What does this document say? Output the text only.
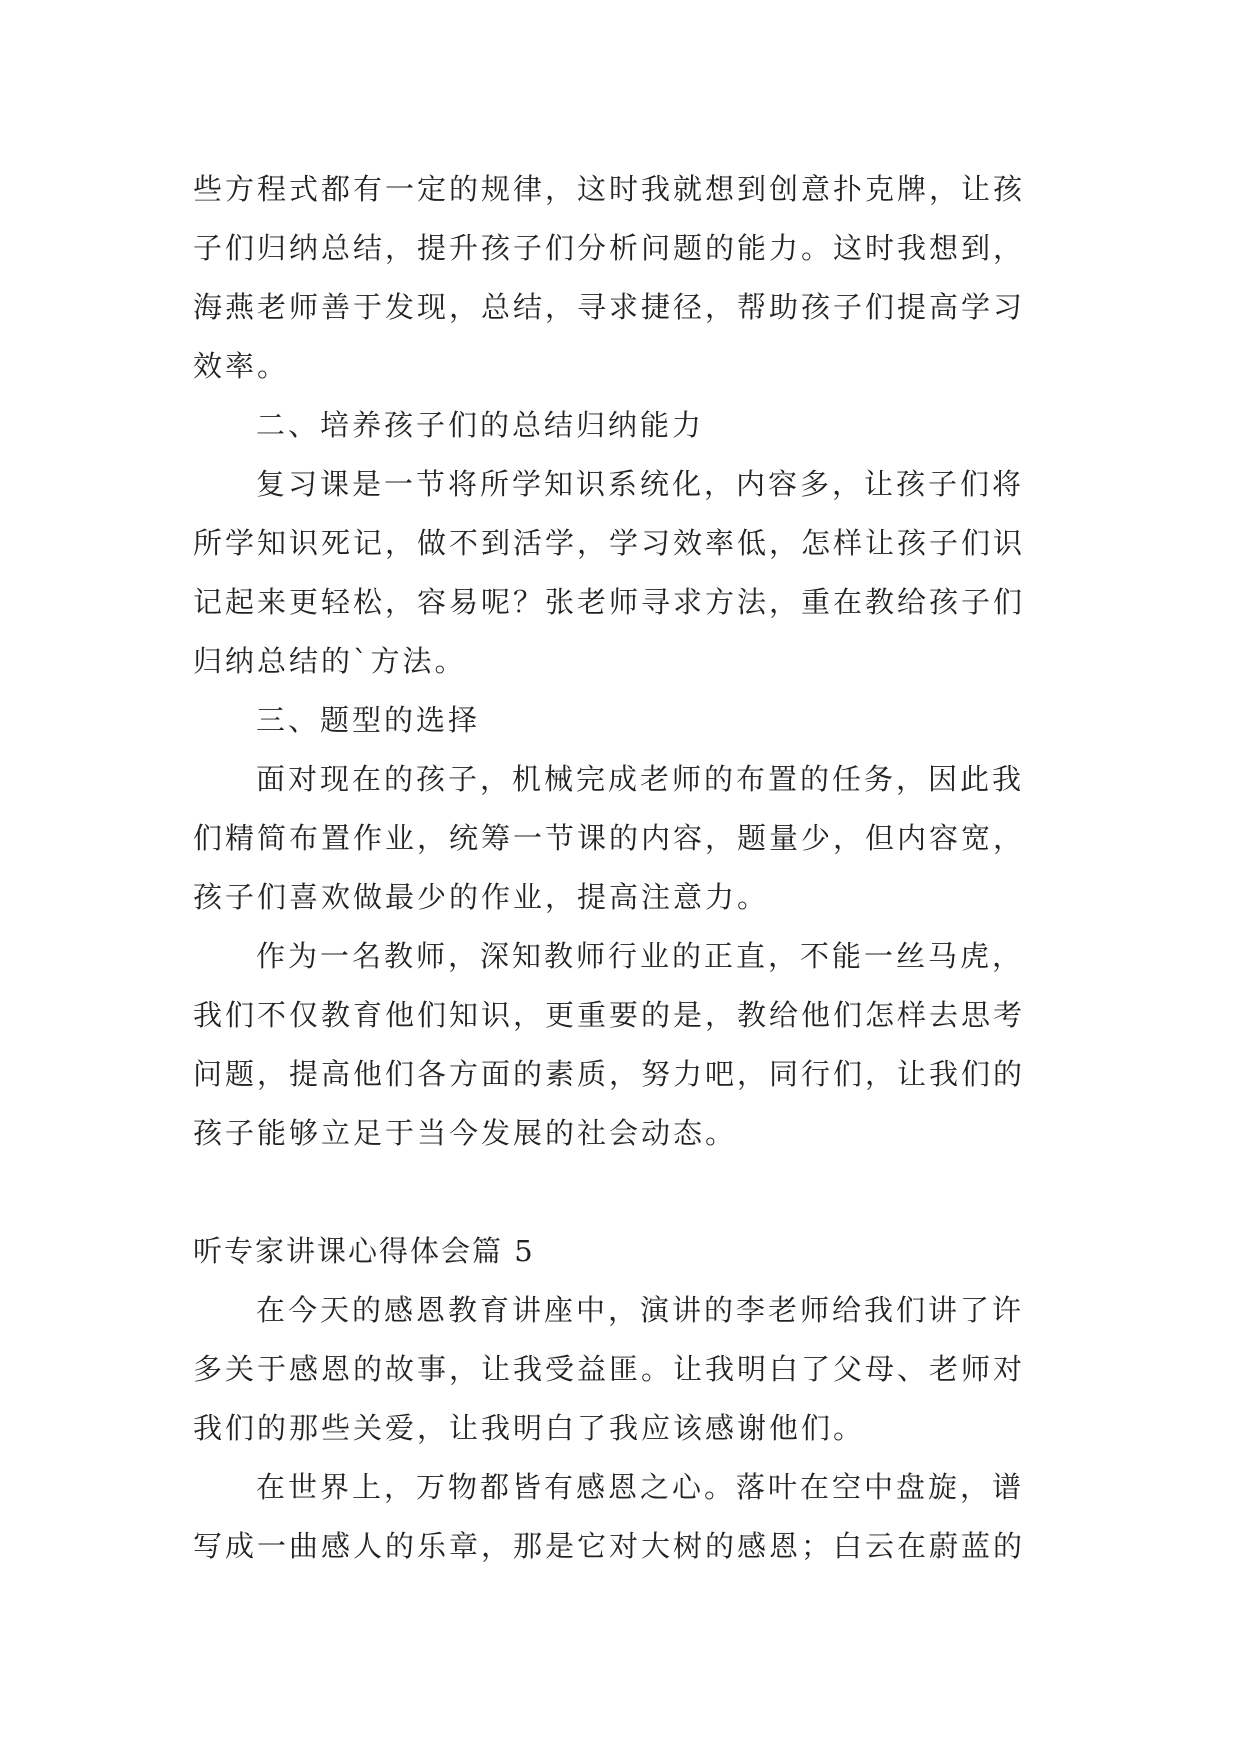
些方程式都有一定的规律，这时我就想到创意扑克牌，让孩
子们归纳总结，提升孩子们分析问题的能力。这时我想到，
海燕老师善于发现，总结，寻求捷径，帮助孩子们提高学习
效率。
二、培养孩子们的总结归纳能力
复习课是一节将所学知识系统化，内容多，让孩子们将
所学知识死记，做不到活学，学习效率低，怎样让孩子们识
记起来更轻松，容易呢？张老师寻求方法，重在教给孩子们
归纳总结的`方法。
三、题型的选择
面对现在的孩子，机械完成老师的布置的任务，因此我
们精简布置作业，统筹一节课的内容，题量少，但内容宽，
孩子们喜欢做最少的作业，提高注意力。
作为一名教师，深知教师行业的正直，不能一丝马虎，
我们不仅教育他们知识，更重要的是，教给他们怎样去思考
问题，提高他们各方面的素质，努力吧，同行们，让我们的
孩子能够立足于当今发展的社会动态。
听专家讲课心得体会篇 5
在今天的感恩教育讲座中，演讲的李老师给我们讲了许
多关于感恩的故事，让我受益匪。让我明白了父母、老师对
我们的那些关爱，让我明白了我应该感谢他们。
在世界上，万物都皆有感恩之心。落叶在空中盘旋，谱
写成一曲感人的乐章，那是它对大树的感恩；白云在蔚蓝的
